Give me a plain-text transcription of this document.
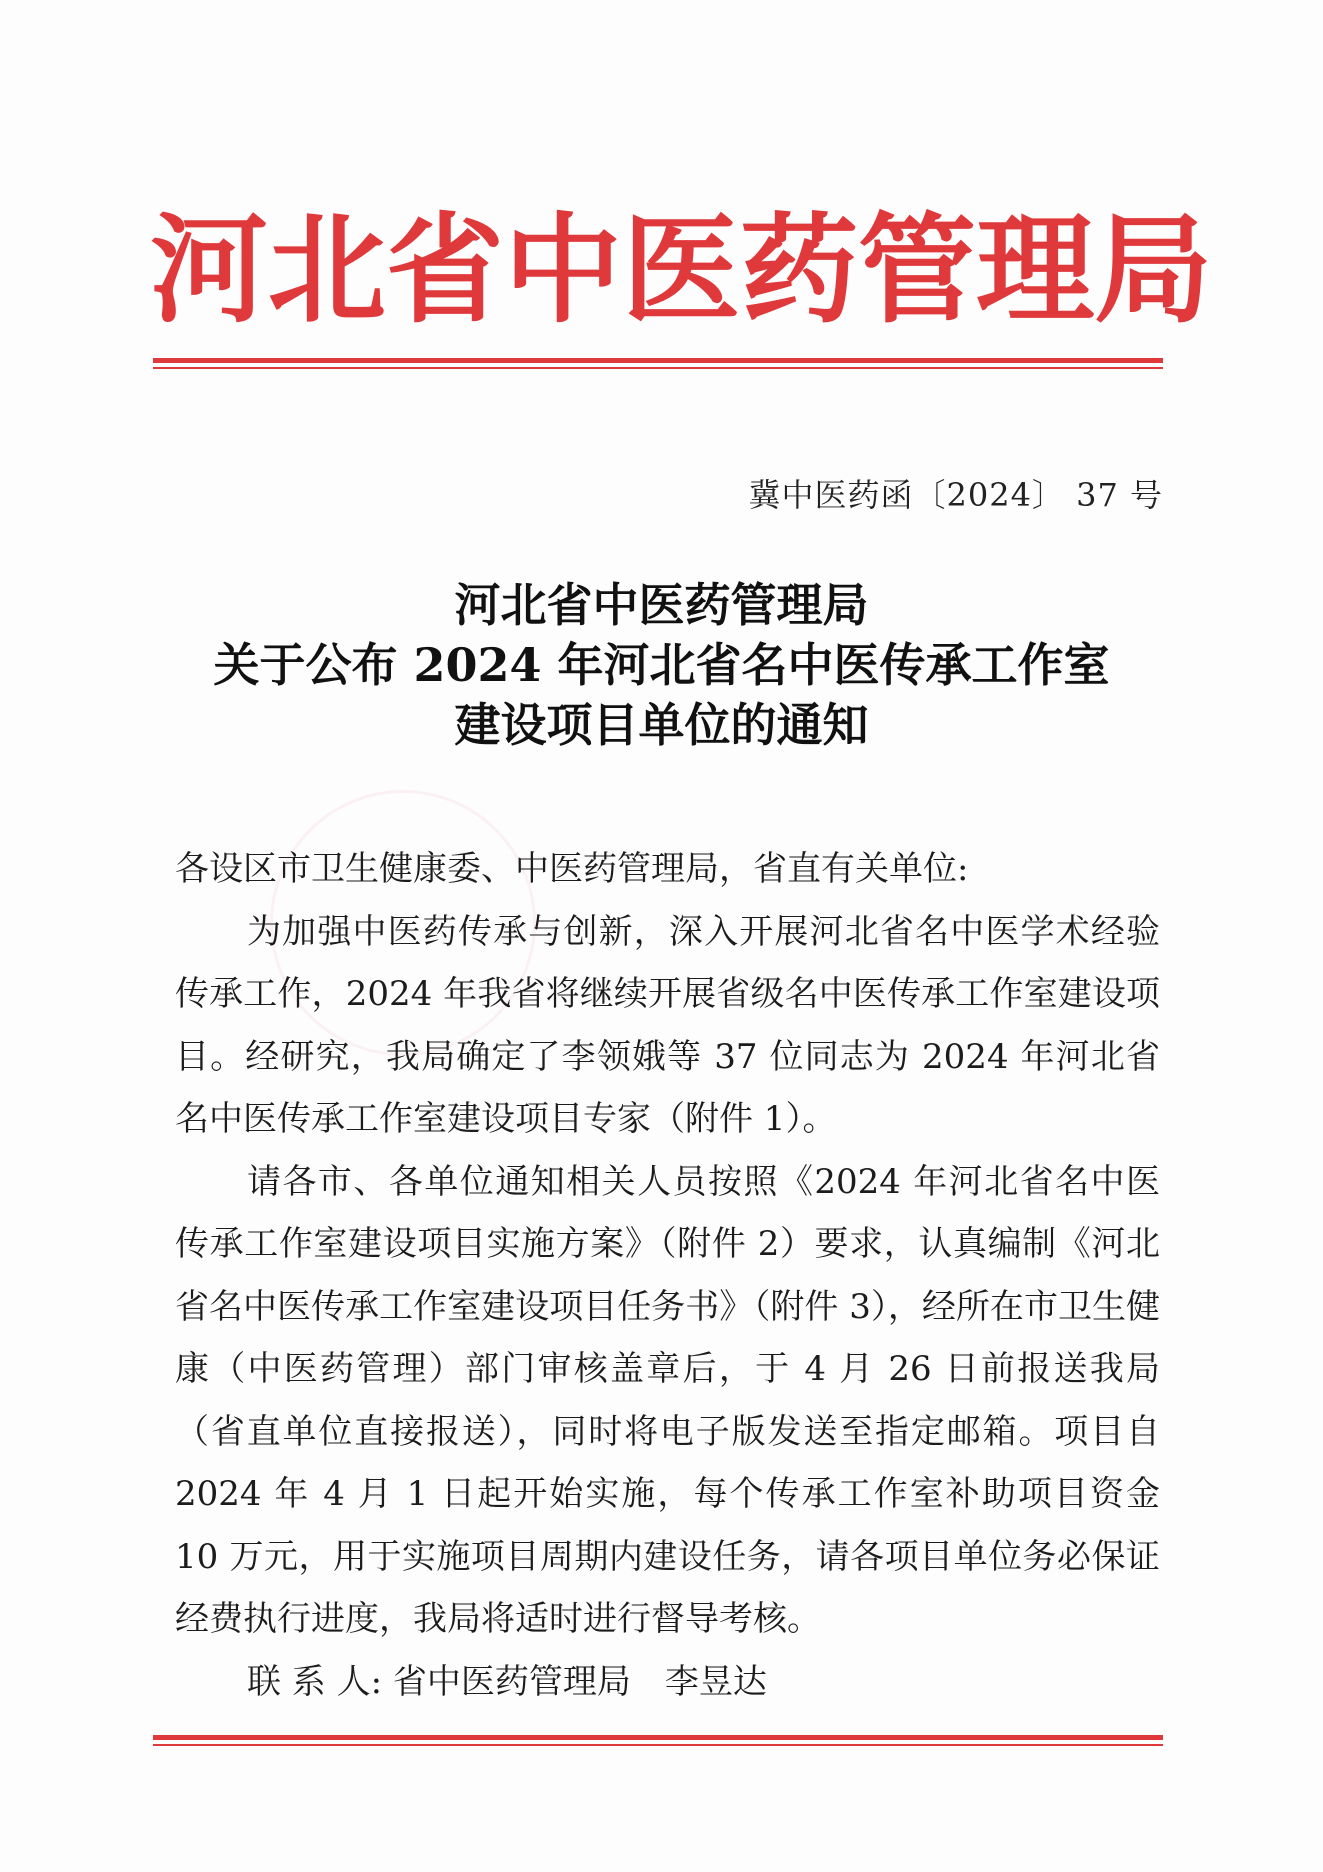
河 北 省 中 医 药 管 理 局
冀中医药函〔2024〕 37 号
河北省中医药管理局
关于公布 2024 年河北省名中医传承工作室
建设项目单位的通知

各设区市卫生健康委、中医药管理局，省直有关单位:

为加强中医药传承与创新，深入开展河北省名中医学术经验传承工作，2024 年我省将继续开展省级名中医传承工作室建设项目。经研究，我局确定了李领娥等 37 位同志为 2024 年河北省名中医传承工作室建设项目专家（附件 1）。

请各市、各单位通知相关人员按照《2024 年河北省名中医传承工作室建设项目实施方案》（附件 2）要求，认真编制《河北省名中医传承工作室建设项目任务书》（附件 3），经所在市卫生健康（中医药管理）部门审核盖章后，于 4 月 26 日前报送我局（省直单位直接报送），同时将电子版发送至指定邮箱。项目自 2024 年 4 月 1 日起开始实施，每个传承工作室补助项目资金 10 万元，用于实施项目周期内建设任务，请各项目单位务必保证经费执行进度，我局将适时进行督导考核。

联 系 人: 省中医药管理局　李昱达
